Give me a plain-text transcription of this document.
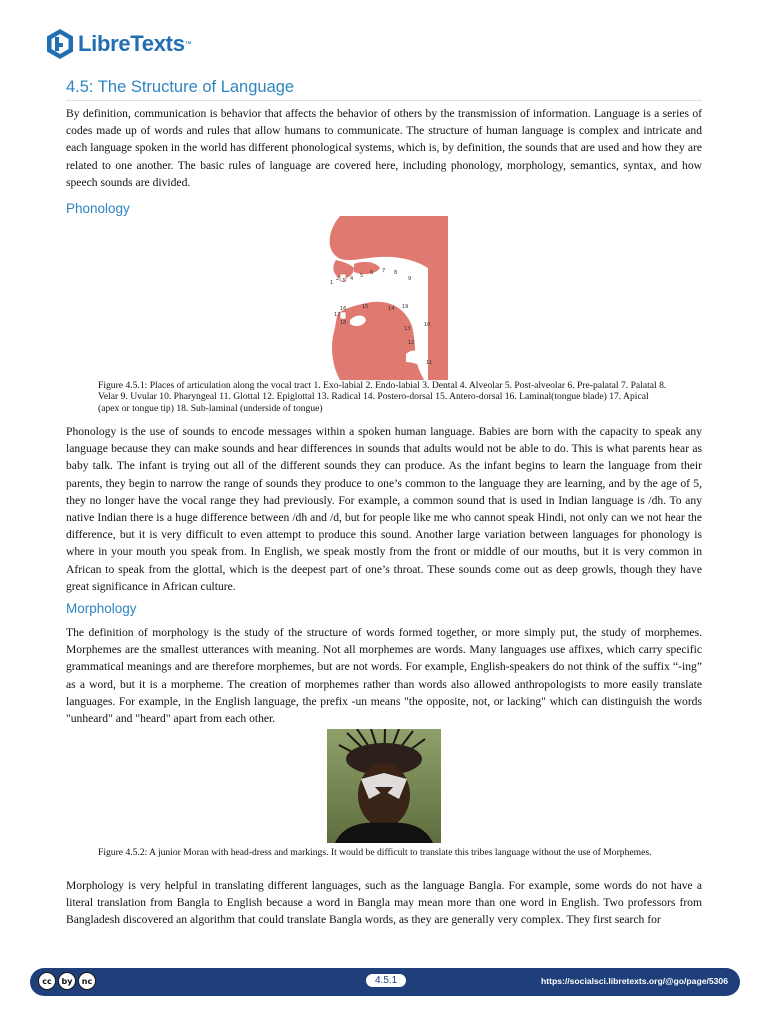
LibreTexts ™
4.5: The Structure of Language

By definition, communication is behavior that affects the behavior of others by the transmission of information. Language is a series of codes made up of words and rules that allow humans to communicate. The structure of human language is complex and intricate and each language spoken in the world has different phonological systems, which is, by definition, the sounds that are used and how they are related to one another. The basic rules of language are covered here, including phonology, morphology, semantics, syntax, and how speech sounds are divided.

Phonology
1
2 3 4 5 6 7 8
9
10
11
12
13
14
15
16
17
18
19

Figure 4.5.1: Places of articulation along the vocal tract 1. Exo-labial 2. Endo-labial 3. Dental 4. Alveolar 5. Post-alveolar 6. Pre-palatal 7. Palatal 8. Velar 9. Uvular 10. Pharyngeal 11. Glottal 12. Epiglottal 13. Radical 14. Postero-dorsal 15. Antero-dorsal 16. Laminal(tongue blade) 17. Apical (apex or tongue tip) 18. Sub-laminal (underside of tongue)

Phonology is the use of sounds to encode messages within a spoken human language. Babies are born with the capacity to speak any language because they can make sounds and hear differences in sounds that adults would not be able to do. This is what parents hear as baby talk. The infant is trying out all of the different sounds they can produce. As the infant begins to learn the language from their parents, they begin to narrow the range of sounds they produce to one’s common to the language they are learning, and by the age of 5, they no longer have the vocal range they had previously. For example, a common sound that is used in Indian language is /dh. To any native Indian there is a huge difference between /dh and /d, but for people like me who cannot speak Hindi, not only can we not hear the difference, but it is very difficult to even attempt to produce this sound. Another large variation between languages for phonology is where in your mouth you speak from. In English, we speak mostly from the front or middle of our mouths, but it is very common in African to speak from the glottal, which is the deepest part of one’s throat. These sounds come out as deep growls, though they have great significance in African culture.

Morphology

The definition of morphology is the study of the structure of words formed together, or more simply put, the study of morphemes. Morphemes are the smallest utterances with meaning. Not all morphemes are words. Many languages use affixes, which carry specific grammatical meanings and are therefore morphemes, but are not words. For example, English-speakers do not think of the suffix “-ing” as a word, but it is a morpheme. The creation of morphemes rather than words also allowed anthropologists to more easily translate languages. For example, in the English language, the prefix -un means "the opposite, not, or lacking" which can distinguish the words "unheard" and "heard" apart from each other.

Figure 4.5.2: A junior Moran with head-dress and markings. It would be difficult to translate this tribes language without the use of Morphemes.

Morphology is very helpful in translating different languages, such as the language Bangla. For example, some words do not have a literal translation from Bangla to English because a word in Bangla may mean more than one word in English. Two professors from Bangladesh discovered an algorithm that could translate Bangla words, as they are generally very complex. They first search for

cc	by	nc	4.5.1	https://socialsci.libretexts.org/@go/page/5306
